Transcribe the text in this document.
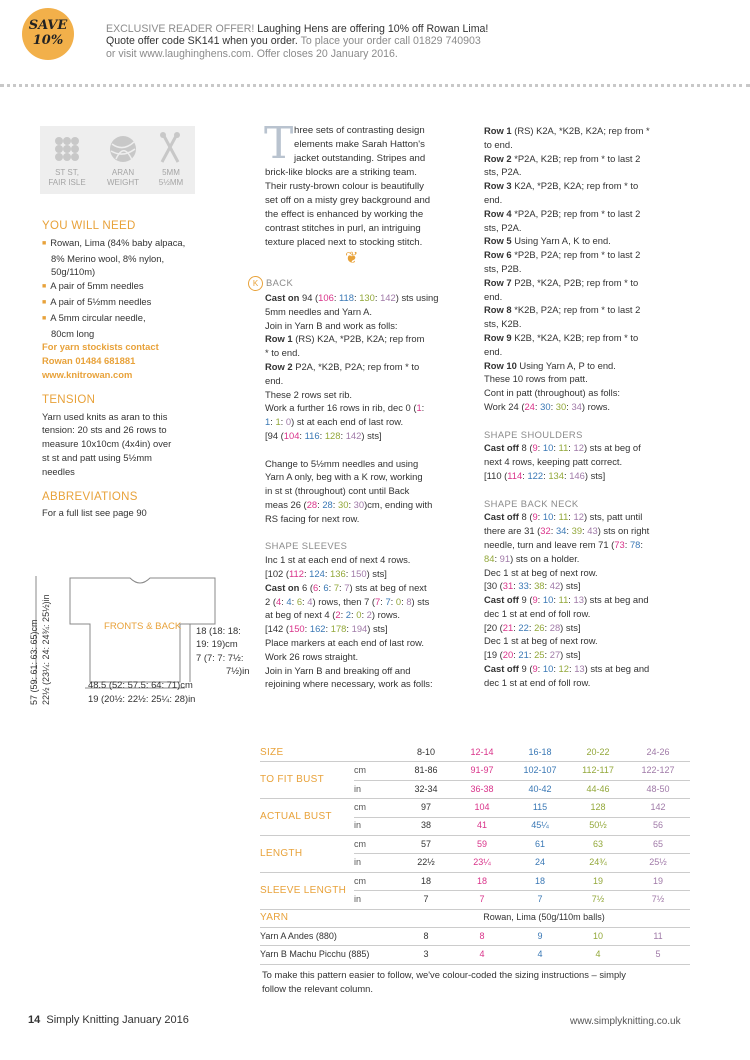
SAVE
10%
EXCLUSIVE READER OFFER! Laughing Hens are offering 10% off Rowan Lima!
Quote offer code SK141 when you order. To place your order call 01829 740903
or visit www.laughinghens.com. Offer closes 20 January 2016.
ST ST,
FAIR ISLE
ARAN
WEIGHT
5MM
5½MM
YOU WILL NEED
■ Rowan, Lima (84% baby alpaca,
8% Merino wool, 8% nylon,
50g/110m)
■ A pair of 5mm needles
■ A pair of 5½mm needles
■ A 5mm circular needle,
80cm long
For yarn stockists contact
Rowan 01484 681881
www.knitrowan.com
TENSION
Yarn used knits as aran to this
tension: 20 sts and 26 rows to
measure 10x10cm (4x4in) over
st st and patt using 5½mm
needles
ABBREVIATIONS
For a full list see page 90
FRONTS & BACK
57 (59: 61: 63: 65)cm 22½ (23¼: 24: 24¾: 25½)in	18 (18: 18:
19: 19)cm
7 (7: 7: 7½:
7½)in
48.5 (52: 57.5: 64: 71)cm
19 (20½: 22½: 25¼: 28)in
T hree sets of contrasting design
elements make Sarah Hatton's
jacket outstanding. Stripes and
brick-like blocks are a striking team.
Their rusty-brown colour is beautifully
set off on a misty grey background and
the effect is enhanced by working the
contrast stitches in purl, an intriguing
texture placed next to stocking stitch.
❦
K BACK
Cast on 94 (106: 118: 130: 142) sts using
5mm needles and Yarn A.
Join in Yarn B and work as folls:
Row 1 (RS) K2A, *P2B, K2A; rep from
* to end.
Row 2 P2A, *K2B, P2A; rep from * to
end.
These 2 rows set rib.
Work a further 16 rows in rib, dec 0 (1:
1: 1: 0) st at each end of last row.
[94 (104: 116: 128: 142) sts]

Change to 5½mm needles and using
Yarn A only, beg with a K row, working
in st st (throughout) cont until Back
meas 26 (28: 28: 30: 30)cm, ending with
RS facing for next row.

SHAPE SLEEVES
Inc 1 st at each end of next 4 rows.
[102 (112: 124: 136: 150) sts]
Cast on 6 (6: 6: 7: 7) sts at beg of next
2 (4: 4: 6: 4) rows, then 7 (7: 7: 0: 8) sts
at beg of next 4 (2: 2: 0: 2) rows.
[142 (150: 162: 178: 194) sts]
Place markers at each end of last row.
Work 26 rows straight.
Join in Yarn B and breaking off and
rejoining where necessary, work as folls:
Row 1 (RS) K2A, *K2B, K2A; rep from *
to end.
Row 2 *P2A, K2B; rep from * to last 2
sts, P2A.
Row 3 K2A, *P2B, K2A; rep from * to
end.
Row 4 *P2A, P2B; rep from * to last 2
sts, P2A.
Row 5 Using Yarn A, K to end.
Row 6 *P2B, P2A; rep from * to last 2
sts, P2B.
Row 7 P2B, *K2A, P2B; rep from * to
end.
Row 8 *K2B, P2A; rep from * to last 2
sts, K2B.
Row 9 K2B, *K2A, K2B; rep from * to
end.
Row 10 Using Yarn A, P to end.
These 10 rows from patt.
Cont in patt (throughout) as folls:
Work 24 (24: 30: 30: 34) rows.

SHAPE SHOULDERS
Cast off 8 (9: 10: 11: 12) sts at beg of
next 4 rows, keeping patt correct.
[110 (114: 122: 134: 146) sts]

SHAPE BACK NECK
Cast off 8 (9: 10: 11: 12) sts, patt until
there are 31 (32: 34: 39: 43) sts on right
needle, turn and leave rem 71 (73: 78:
84: 91) sts on a holder.
Dec 1 st at beg of next row.
[30 (31: 33: 38: 42) sts]
Cast off 9 (9: 10: 11: 13) sts at beg and
dec 1 st at end of foll row.
[20 (21: 22: 26: 28) sts]
Dec 1 st at beg of next row.
[19 (20: 21: 25: 27) sts]
Cast off 9 (9: 10: 12: 13) sts at beg and
dec 1 st at end of foll row.
SIZE		8-10	12-14	16-18	20-22	24-26
TO FIT BUST	cm	81-86	91-97	102-107	112-117	122-127
	in	32-34	36-38	40-42	44-46	48-50
ACTUAL BUST	cm	97	104	115	128	142
	in	38	41	45¼	50½	56
LENGTH	cm	57	59	61	63	65
	in	22½	23¼	24	24¾	25½
SLEEVE LENGTH	cm	18	18	18	19	19
	in	7	7	7	7½	7½
YARN		Rowan, Lima (50g/110m balls)				
Yarn A Andes (880)		8	8	9	10	11
Yarn B Machu Picchu (885)		3	4	4	4	5
To make this pattern easier to follow, we've colour-coded the sizing instructions – simply
follow the relevant column.
14 Simply Knitting January 2016	www.simplyknitting.co.uk
